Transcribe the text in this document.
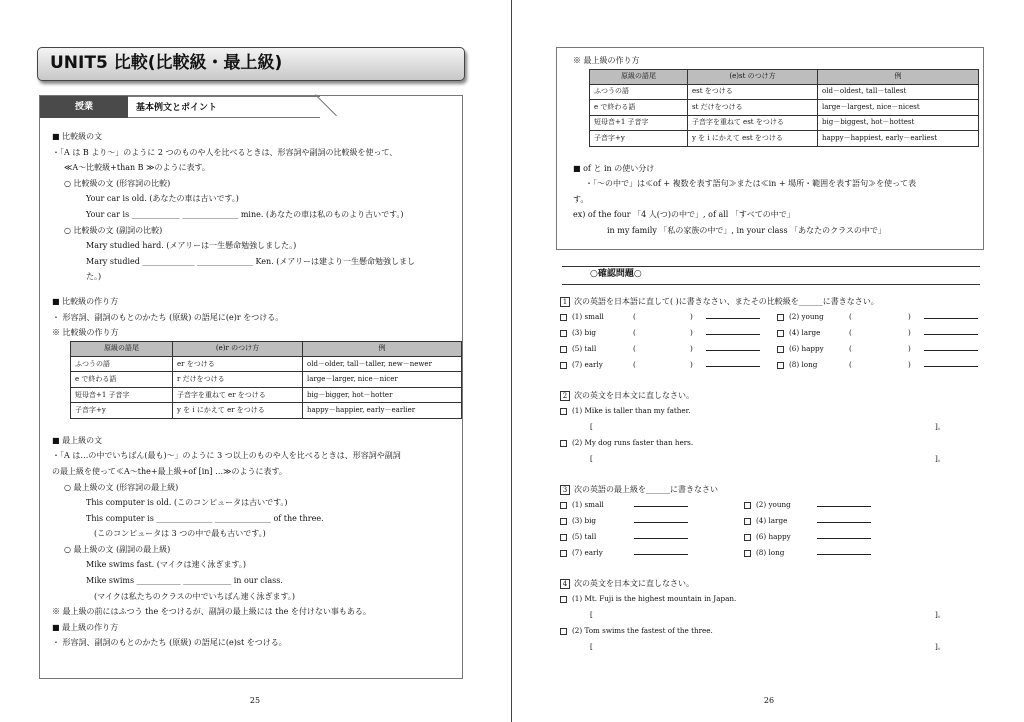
UNIT5 比較(比較級・最上級)
授業	基本例文とポイント
■ 比較級の文
・「A は B より〜」のように 2 つのものや人を比べるときは、形容詞や副詞の比較級を使って、
≪A〜比較級+than B ≫のように表す。
○ 比較級の文 (形容詞の比較)
Your car is old. (あなたの車は古いです。)
Your car is ____________ ______________ mine. (あなたの車は私のものより古いです。)
○ 比較級の文 (副詞の比較)
Mary studied hard. (メアリーは一生懸命勉強しました。)
Mary studied _____________ ______________ Ken. (メアリーは建より一生懸命勉強しまし
た。)
■ 比較級の作り方
・ 形容詞、副詞のもとのかたち (原級) の語尾に(e)r をつける。
※ 比較級の作り方
原級の語尾	(e)r のつけ方	例
ふつうの語	er をつける	old－older, tall－taller, new－newer
e で終わる語	r だけをつける	large－larger, nice－nicer
短母音+1 子音字	子音字を重ねて er をつける	big－bigger, hot－hotter
子音字+y	y を i にかえて er をつける	happy－happier, early－earlier
■ 最上級の文
・「A は…の中でいちばん(最も)〜」のように 3 つ以上のものや人を比べるときは、形容詞や副詞
の最上級を使って≪A〜the+最上級+of [in] …≫のように表す。
○ 最上級の文 (形容詞の最上級)
This computer is old. (このコンピュータは古いです。)
This computer is ______________ ______________ of the three.
(このコンピュータは 3 つの中で最も古いです。)
○ 最上級の文 (副詞の最上級)
Mike swims fast. (マイクは速く泳ぎます。)
Mike swims ___________ ____________ in our class.
(マイクは私たちのクラスの中でいちばん速く泳ぎます。)
※ 最上級の前にはふつう the をつけるが、副詞の最上級には the を付けない事もある。
■ 最上級の作り方
・ 形容詞、副詞のもとのかたち (原級) の語尾に(e)st をつける。
25	26
※ 最上級の作り方
原級の語尾	(e)st のつけ方	例
ふつうの語	est をつける	old－oldest, tall－tallest
e で終わる語	st だけをつける	large－largest, nice－nicest
短母音+1 子音字	子音字を重ねて est をつける	big－biggest, hot－hottest
子音字+y	y を i にかえて est をつける	happy－happiest, early－earliest
■ of と in の使い分け
・「〜の中で」は≪of + 複数を表す語句≫または≪in + 場所・範囲を表す語句≫を使って表
す。
ex) of the four 「4 人(つ)の中で」, of all 「すべての中で」
in my family 「私の家族の中で」, in your class 「あなたのクラスの中で」
○確認問題○
1 次の英語を日本語に直して( )に書きなさい、またその比較級を______に書きなさい。
(1) small	(	)	(2) young	(	)
(3) big	(	)	(4) large	(	)
(5) tall	(	)	(6) happy	(	)
(7) early	(	)	(8) long	(	)
2 次の英文を日本文に直しなさい。
(1) Mike is taller than my father.
[	]。
(2) My dog runs faster than hers.
[	]。
3 次の英語の最上級を______に書きなさい
(1) small	(2) young
(3) big	(4) large
(5) tall	(6) happy
(7) early	(8) long
4 次の英文を日本文に直しなさい。
(1) Mt. Fuji is the highest mountain in Japan.
[	]。
(2) Tom swims the fastest of the three.
[	]。
